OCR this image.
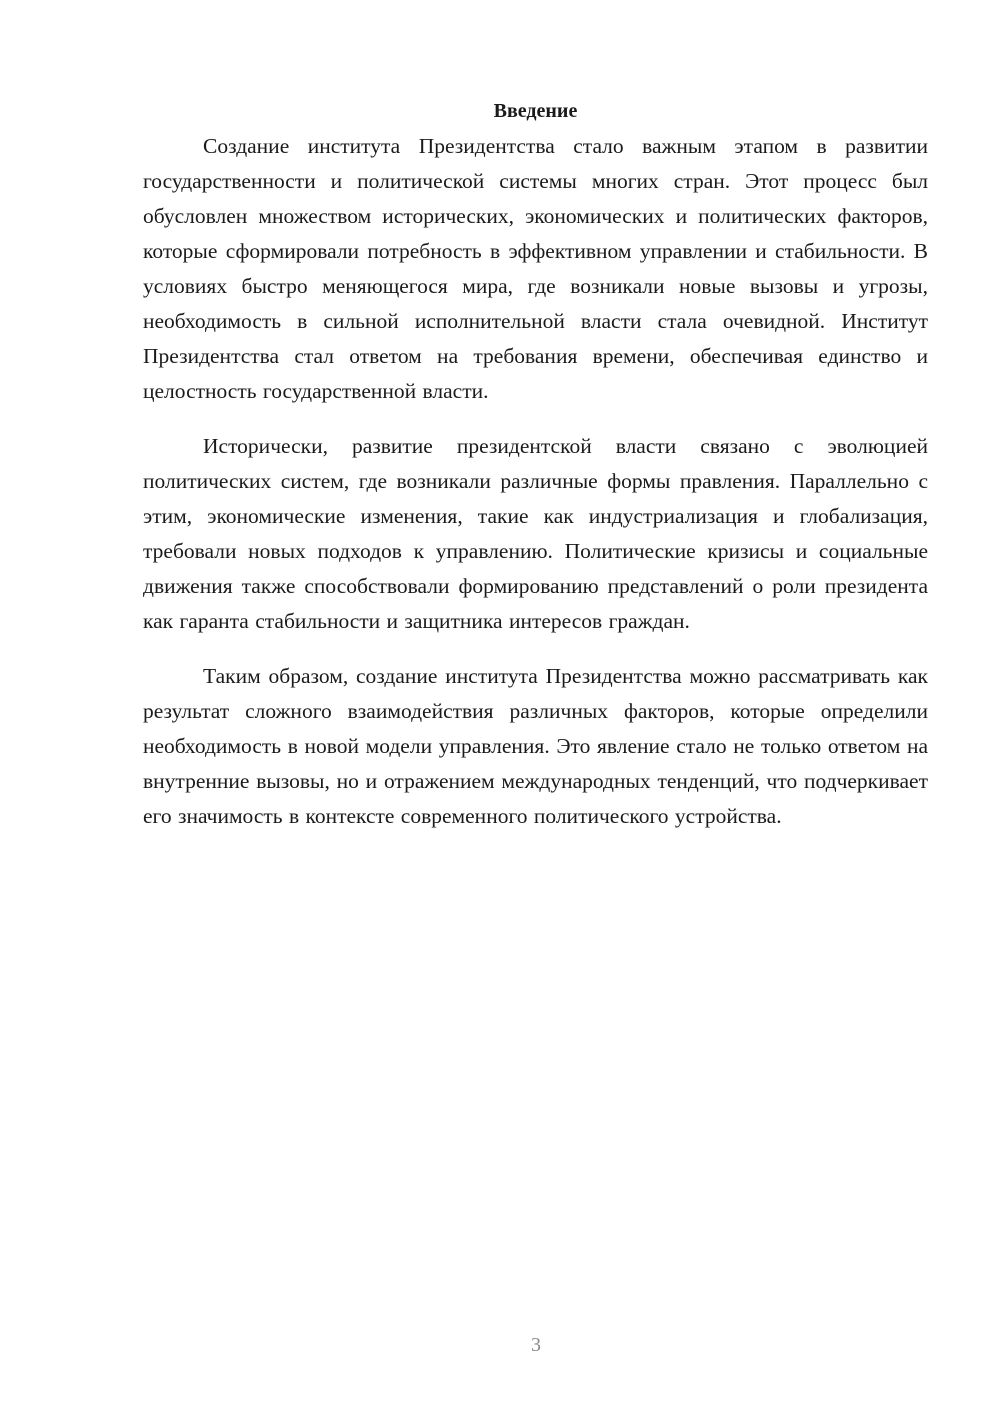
Введение

Создание института Президентства стало важным этапом в развитии государственности и политической системы многих стран. Этот процесс был обусловлен множеством исторических, экономических и политических факторов, которые сформировали потребность в эффективном управлении и стабильности. В условиях быстро меняющегося мира, где возникали новые вызовы и угрозы, необходимость в сильной исполнительной власти стала очевидной. Институт Президентства стал ответом на требования времени, обеспечивая единство и целостность государственной власти.

Исторически, развитие президентской власти связано с эволюцией политических систем, где возникали различные формы правления. Параллельно с этим, экономические изменения, такие как индустриализация и глобализация, требовали новых подходов к управлению. Политические кризисы и социальные движения также способствовали формированию представлений о роли президента как гаранта стабильности и защитника интересов граждан.

Таким образом, создание института Президентства можно рассматривать как результат сложного взаимодействия различных факторов, которые определили необходимость в новой модели управления. Это явление стало не только ответом на внутренние вызовы, но и отражением международных тенденций, что подчеркивает его значимость в контексте современного политического устройства.

3
